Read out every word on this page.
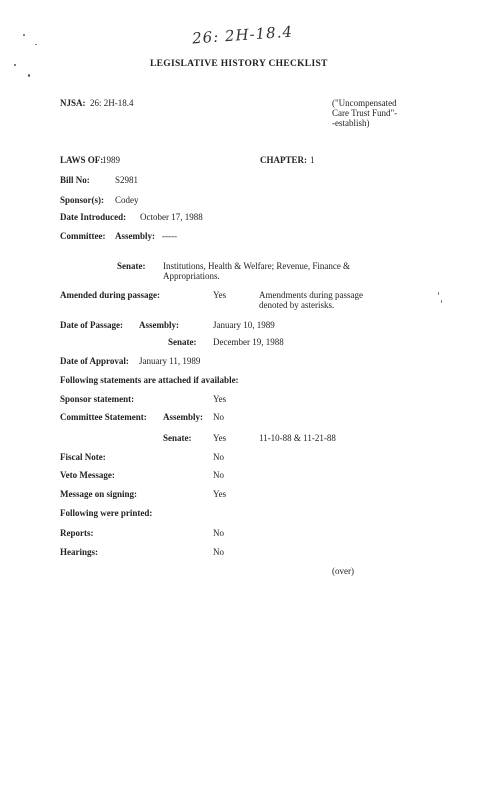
26: 2H-18.4
LEGISLATIVE HISTORY CHECKLIST
NJSA: 26: 2H-18.4	("Uncompensated
Care Trust Fund"-
-establish)
LAWS OF:
1989	CHAPTER: 1
Bill No:	S2981
Sponsor(s): Codey
Date Introduced: October 17, 1988
Committee: Assembly: -----
Senate: Institutions, Health & Welfare; Revenue, Finance &
Appropriations.
Amended during passage:	Yes	Amendments during passage
denoted by asterisks.
Date of Passage: Assembly:	January 10, 1989
Senate: December 19, 1988
Date of Approval: January 11, 1989
Following statements are attached if available:
Sponsor statement:	Yes
Committee Statement: Assembly: No
Senate: Yes	11-10-88 & 11-21-88
Fiscal Note:	No
Veto Message:	No
Message on signing:	Yes
Following were printed:
Reports:	No
Hearings:	No
(over)
